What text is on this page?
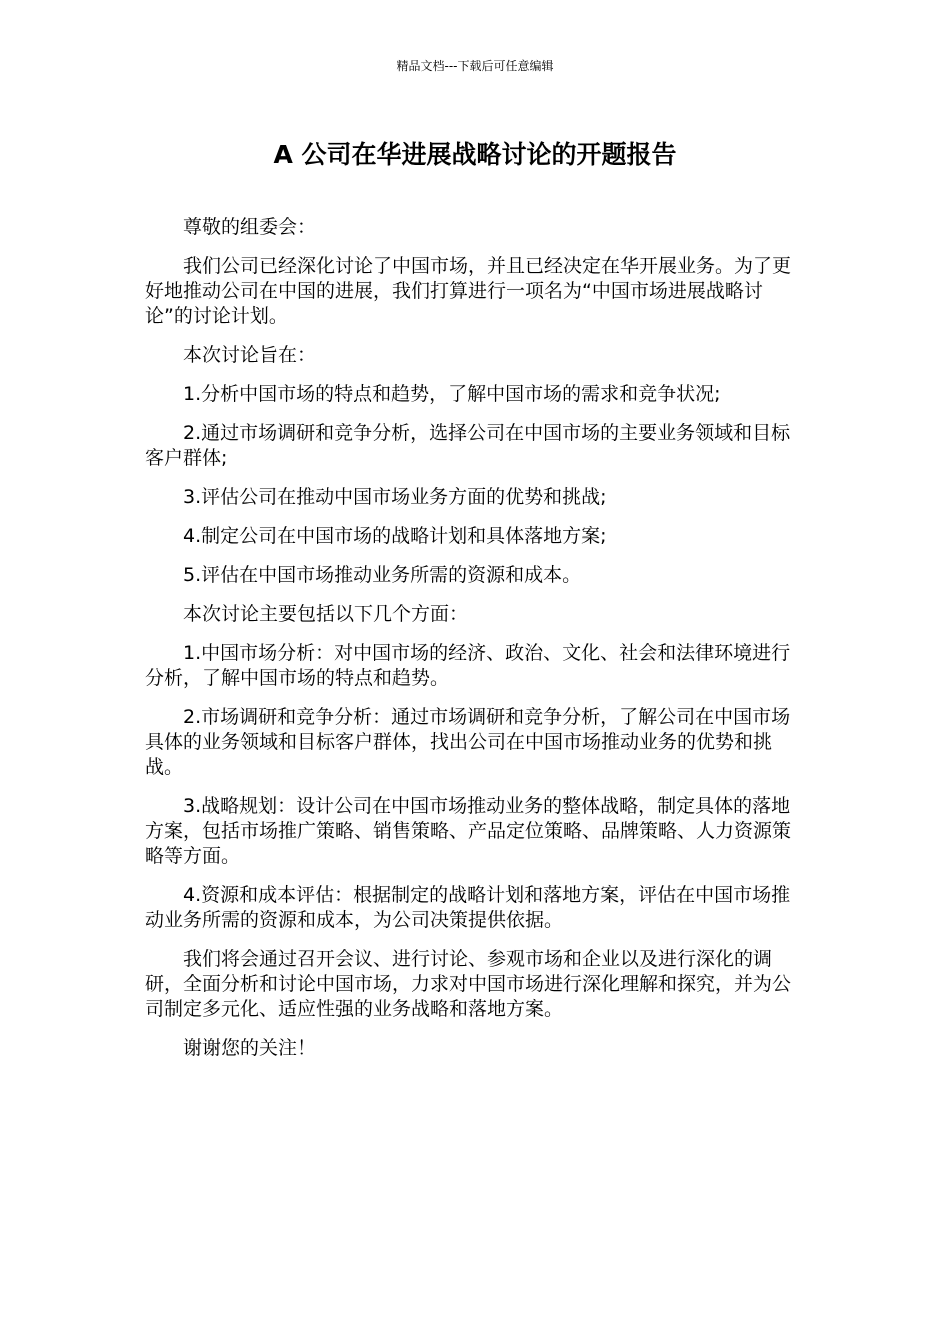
精品文档---下载后可任意编辑
A 公司在华进展战略讨论的开题报告

尊敬的组委会：

我们公司已经深化讨论了中国市场，并且已经决定在华开展业务。为了更好地推动公司在中国的进展，我们打算进行一项名为“中国市场进展战略讨论”的讨论计划。

本次讨论旨在：

1.分析中国市场的特点和趋势，了解中国市场的需求和竞争状况;

2.通过市场调研和竞争分析，选择公司在中国市场的主要业务领域和目标客户群体;

3.评估公司在推动中国市场业务方面的优势和挑战;

4.制定公司在中国市场的战略计划和具体落地方案;

5.评估在中国市场推动业务所需的资源和成本。

本次讨论主要包括以下几个方面：

1.中国市场分析：对中国市场的经济、政治、文化、社会和法律环境进行分析，了解中国市场的特点和趋势。

2.市场调研和竞争分析：通过市场调研和竞争分析，了解公司在中国市场具体的业务领域和目标客户群体，找出公司在中国市场推动业务的优势和挑战。

3.战略规划：设计公司在中国市场推动业务的整体战略，制定具体的落地方案，包括市场推广策略、销售策略、产品定位策略、品牌策略、人力资源策略等方面。

4.资源和成本评估：根据制定的战略计划和落地方案，评估在中国市场推动业务所需的资源和成本，为公司决策提供依据。

我们将会通过召开会议、进行讨论、参观市场和企业以及进行深化的调研，全面分析和讨论中国市场，力求对中国市场进行深化理解和探究，并为公司制定多元化、适应性强的业务战略和落地方案。

谢谢您的关注！
